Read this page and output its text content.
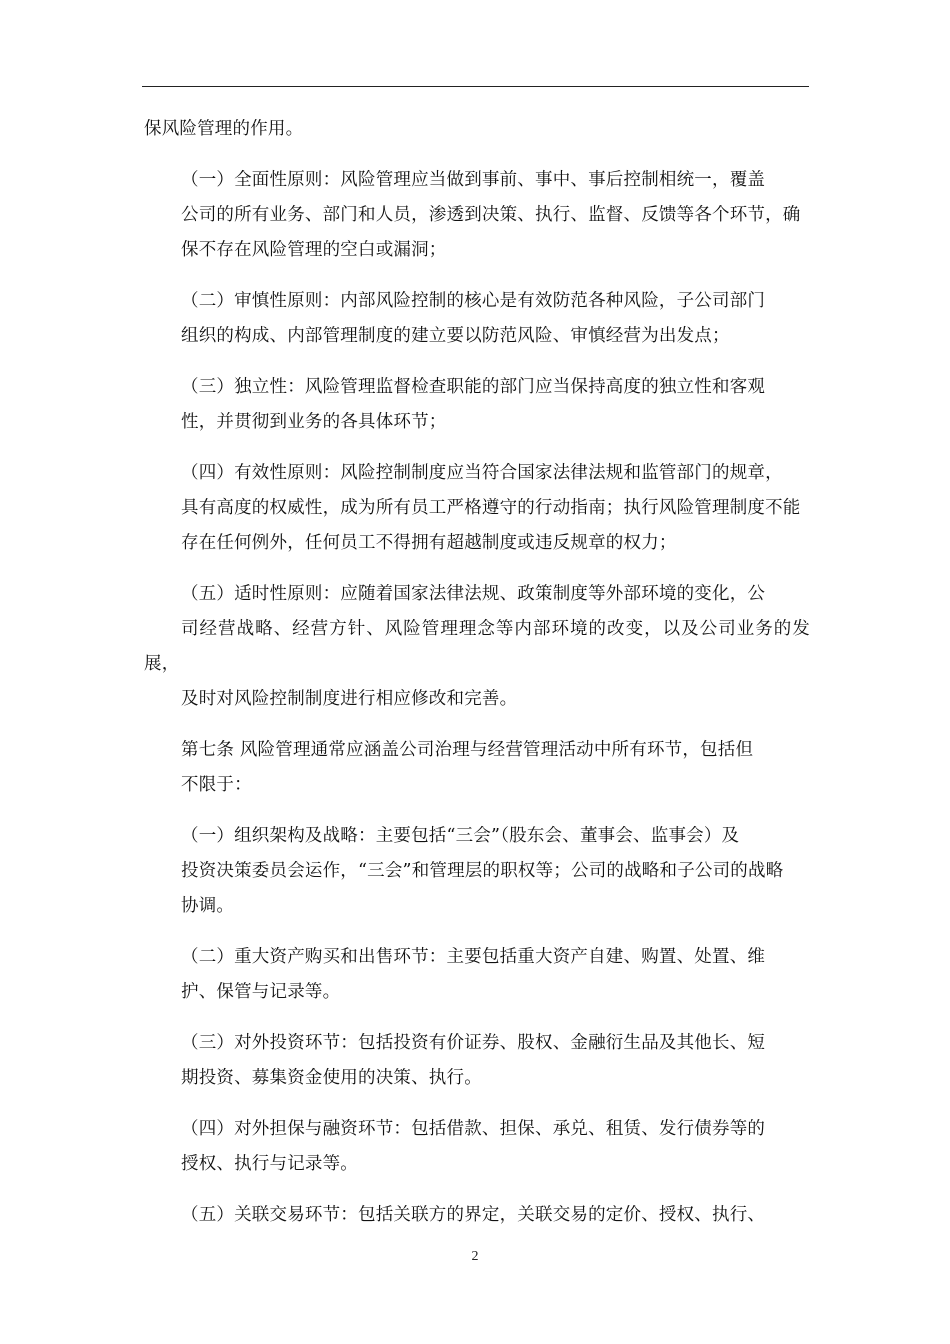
保风险管理的作用。

（一）全面性原则：风险管理应当做到事前、事中、事后控制相统一，覆盖
公司的所有业务、部门和人员，渗透到决策、执行、监督、反馈等各个环节，确
保不存在风险管理的空白或漏洞；

（二）审慎性原则：内部风险控制的核心是有效防范各种风险，子公司部门
组织的构成、内部管理制度的建立要以防范风险、审慎经营为出发点；

（三）独立性：风险管理监督检查职能的部门应当保持高度的独立性和客观
性，并贯彻到业务的各具体环节；

（四）有效性原则：风险控制制度应当符合国家法律法规和监管部门的规章，
具有高度的权威性，成为所有员工严格遵守的行动指南；执行风险管理制度不能
存在任何例外，任何员工不得拥有超越制度或违反规章的权力；

（五）适时性原则：应随着国家法律法规、政策制度等外部环境的变化，公
司经营战略、经营方针、风险管理理念等内部环境的改变，以及公司业务的发展，
及时对风险控制制度进行相应修改和完善。

第七条 风险管理通常应涵盖公司治理与经营管理活动中所有环节，包括但
不限于：

（一）组织架构及战略：主要包括“三会”（股东会、董事会、监事会）及
投资决策委员会运作，“三会”和管理层的职权等；公司的战略和子公司的战略
协调。

（二）重大资产购买和出售环节：主要包括重大资产自建、购置、处置、维
护、保管与记录等。

（三）对外投资环节：包括投资有价证券、股权、金融衍生品及其他长、短
期投资、募集资金使用的决策、执行。

（四）对外担保与融资环节：包括借款、担保、承兑、租赁、发行债券等的
授权、执行与记录等。

（五）关联交易环节：包括关联方的界定，关联交易的定价、授权、执行、

2
